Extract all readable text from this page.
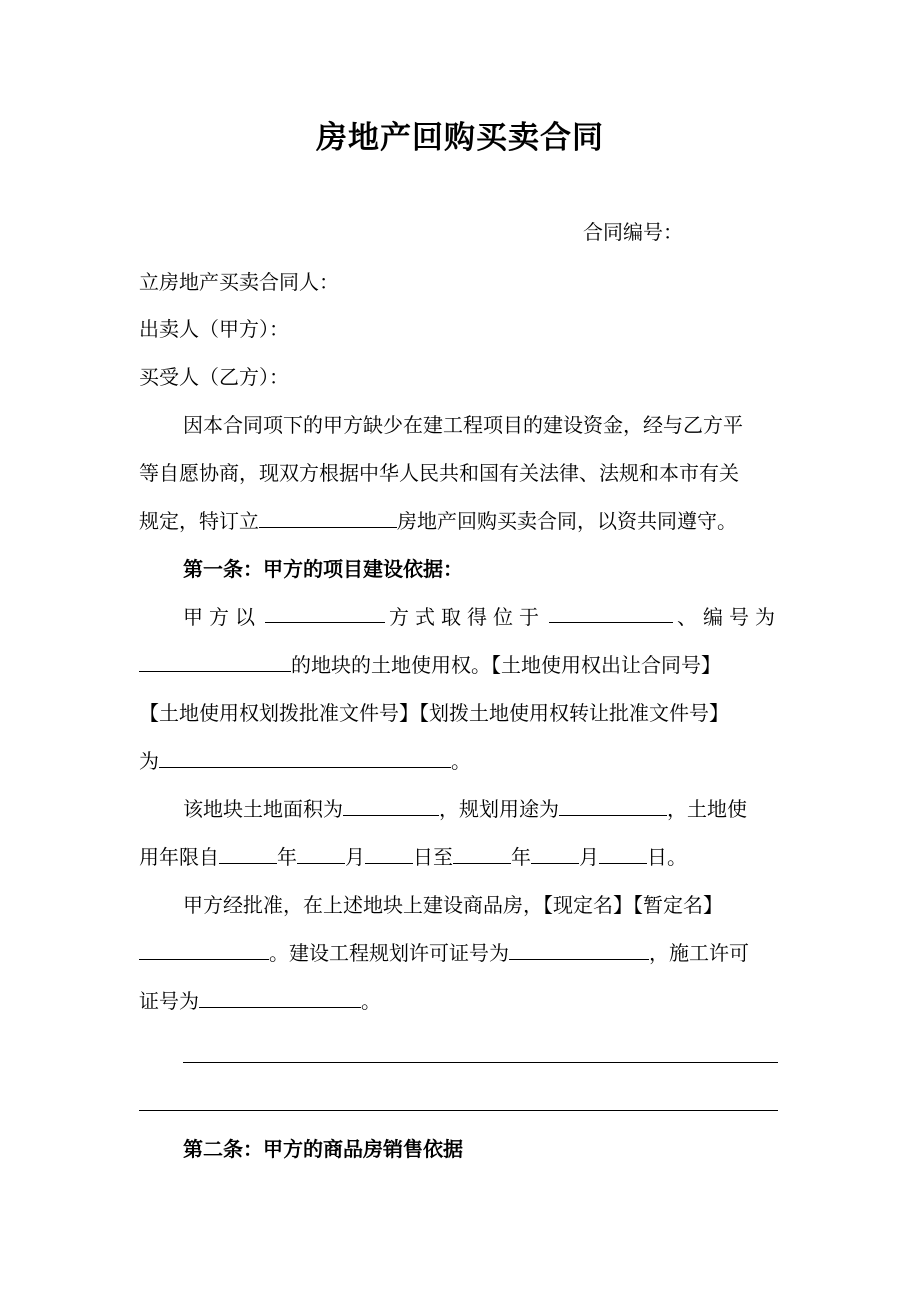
房地产回购买卖合同
合同编号：
立房地产买卖合同人：
出卖人（甲方）：
买受人（乙方）：
因本合同项下的甲方缺少在建工程项目的建设资金，经与乙方平
等自愿协商，现双方根据中华人民共和国有关法律、法规和本市有关
规定，特订立	房地产回购买卖合同，以资共同遵守。
第一条：甲方的项目建设依据：
甲方以	方式取得位于	、编号为
的地块的土地使用权。【土地使用权出让合同号】
【土地使用权划拨批准文件号】【划拨土地使用权转让批准文件号】
为	。
该地块土地面积为	，规划用途为	，土地使
用年限自	年 月 日至	年 月 日。
甲方经批准，在上述地块上建设商品房，【现定名】【暂定名】
。建设工程规划许可证号为	，施工许可
证号为	。
第二条：甲方的商品房销售依据
